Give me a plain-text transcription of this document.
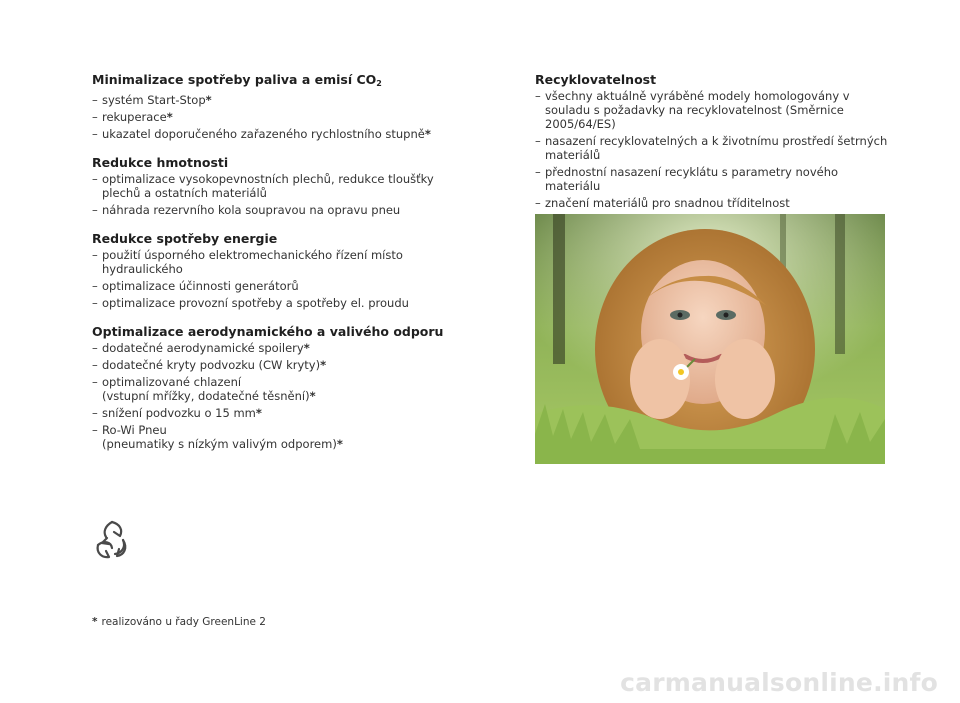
Minimalizace spotřeby paliva a emisí $CO_2$
– systém Start-Stop*
– rekuperace*
– ukazatel doporučeného zařazeného rychlostního stupně*
Redukce hmotnosti
– optimalizace vysokopevnostních plechů, redukce tloušťky plechů a ostatních materiálů
– náhrada rezervního kola soupravou na opravu pneu
Redukce spotřeby energie
– použití úsporného elektromechanického řízení místo hydraulického
– optimalizace účinnosti generátorů
– optimalizace provozní spotřeby a spotřeby el. proudu
Optimalizace aerodynamického a valivého odporu
– dodatečné aerodynamické spoilery*
– dodatečné kryty podvozku (CW kryty)*
– optimalizované chlazení
(vstupní mřížky, dodatečné těsnění)*
– snížení podvozku o 15 mm*
– Ro-Wi Pneu
(pneumatiky s nízkým valivým odporem)*
Recyklovatelnost
– všechny aktuálně vyráběné modely homologovány v souladu s požadavky na recyklovatelnost (Směrnice 2005/64/ES)
– nasazení recyklovatelných a k životnímu prostředí šetrných materiálů
– přednostní nasazení recyklátu s parametry nového materiálu
– značení materiálů pro snadnou tříditelnost
* realizováno u řady GreenLine 2
carmanualsonline.info
